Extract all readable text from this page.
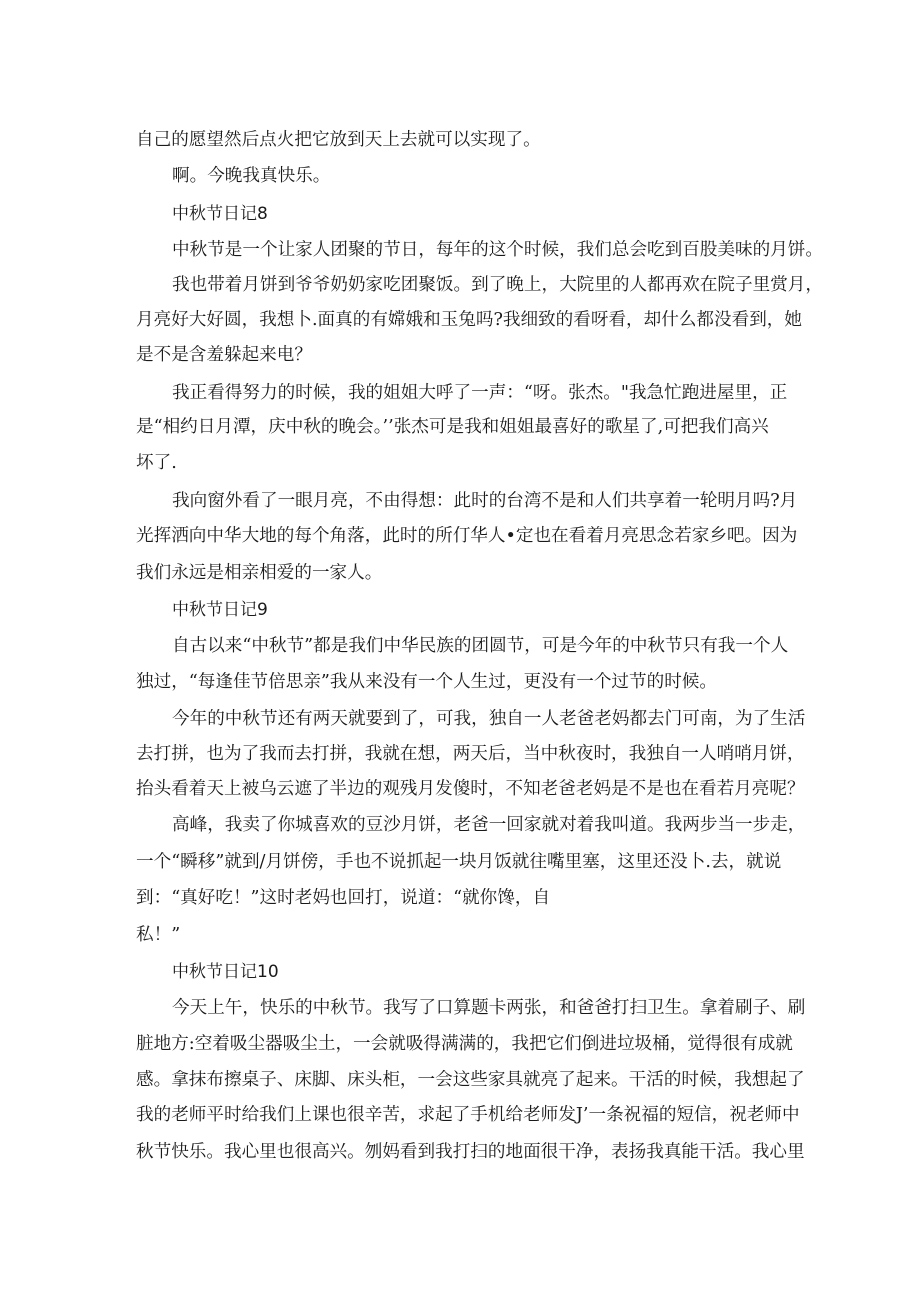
自己的愿望然后点火把它放到天上去就可以实现了。

啊。今晚我真快乐。

中秋节日记8

中秋节是一个让家人团聚的节日，每年的这个时候，我们总会吃到百股美味的月饼。

我也带着月饼到爷爷奶奶家吃团聚饭。到了晚上，大院里的人都再欢在院子里赏月，

月亮好大好圆，我想卜.面真的有嫦娥和玉兔吗?我细致的看呀看，却什么都没看到，她

是不是含羞躲起来电？

我正看得努力的时候，我的姐姐大呼了一声：“呀。张杰。"我急忙跑进屋里，正

是“相约日月潭，庆中秋的晚会。’’张杰可是我和姐姐最喜好的歌星了,可把我们高兴

坏了.

我向窗外看了一眼月亮，不由得想：此时的台湾不是和人们共享着一轮明月吗?月

光挥洒向中华大地的每个角落，此时的所仃华人•定也在看着月亮思念若家乡吧。因为

我们永远是相亲相爱的一家人。

中秋节日记9

自古以来“中秋节”都是我们中华民族的团圆节，可是今年的中秋节只有我一个人

独过，“每逢佳节倍思亲”我从来没有一个人生过，更没有一个过节的时候。

今年的中秋节还有两天就要到了，可我，独自一人老爸老妈都去门可南，为了生活

去打拼，也为了我而去打拼，我就在想，两天后，当中秋夜时，我独自一人哨哨月饼，

抬头看着天上被乌云遮了半边的观残月发傻时，不知老爸老妈是不是也在看若月亮呢？

高峰，我卖了你城喜欢的豆沙月饼，老爸一回家就对着我叫道。我两步当一步走，

一个“瞬移”就到/月饼傍，手也不说抓起一块月饭就往嘴里塞，这里还没卜.去，就说

到：“真好吃！”这时老妈也回打，说道：“就你馋，自

私！”

中秋节日记10

今天上午，快乐的中秋节。我写了口算题卡两张，和爸爸打扫卫生。拿着刷子、刷

脏地方:空着吸尘器吸尘土，一会就吸得满满的，我把它们倒进垃圾桶，觉得很有成就

感。拿抹布擦桌子、床脚、床头柜，一会这些家具就亮了起来。干活的时候，我想起了

我的老师平时给我们上课也很辛苦，求起了手机给老师发J’一条祝福的短信，祝老师中

秋节快乐。我心里也很高兴。刎妈看到我打扫的地面很干净，表扬我真能干活。我心里
